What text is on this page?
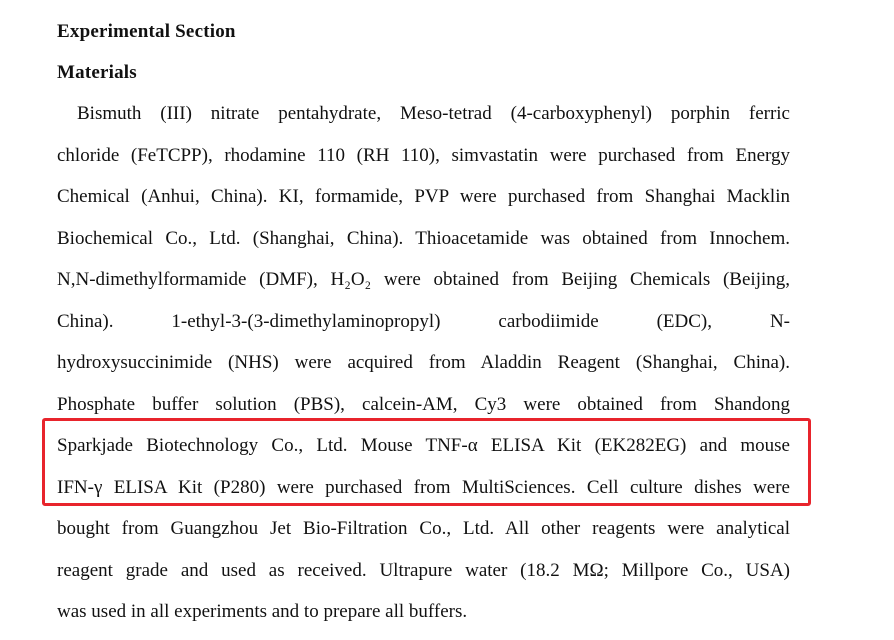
Experimental Section
Materials
Bismuth (III) nitrate pentahydrate, Meso-tetrad (4-carboxyphenyl) porphin ferric
chloride (FeTCPP), rhodamine 110 (RH 110), simvastatin were purchased from Energy
Chemical (Anhui, China). KI, formamide, PVP were purchased from Shanghai Macklin
Biochemical Co., Ltd. (Shanghai, China). Thioacetamide was obtained from Innochem.
N,N-dimethylformamide (DMF), H₂O₂ were obtained from Beijing Chemicals (Beijing,
China). 1-ethyl-3-(3-dimethylaminopropyl) carbodiimide (EDC), N-
hydroxysuccinimide (NHS) were acquired from Aladdin Reagent (Shanghai, China).
Phosphate buffer solution (PBS), calcein-AM, Cy3 were obtained from Shandong
Sparkjade Biotechnology Co., Ltd. Mouse TNF-α ELISA Kit (EK282EG) and mouse
IFN-γ ELISA Kit (P280) were purchased from MultiSciences. Cell culture dishes were
bought from Guangzhou Jet Bio-Filtration Co., Ltd. All other reagents were analytical
reagent grade and used as received. Ultrapure water (18.2 MΩ; Millpore Co., USA)
was used in all experiments and to prepare all buffers.
